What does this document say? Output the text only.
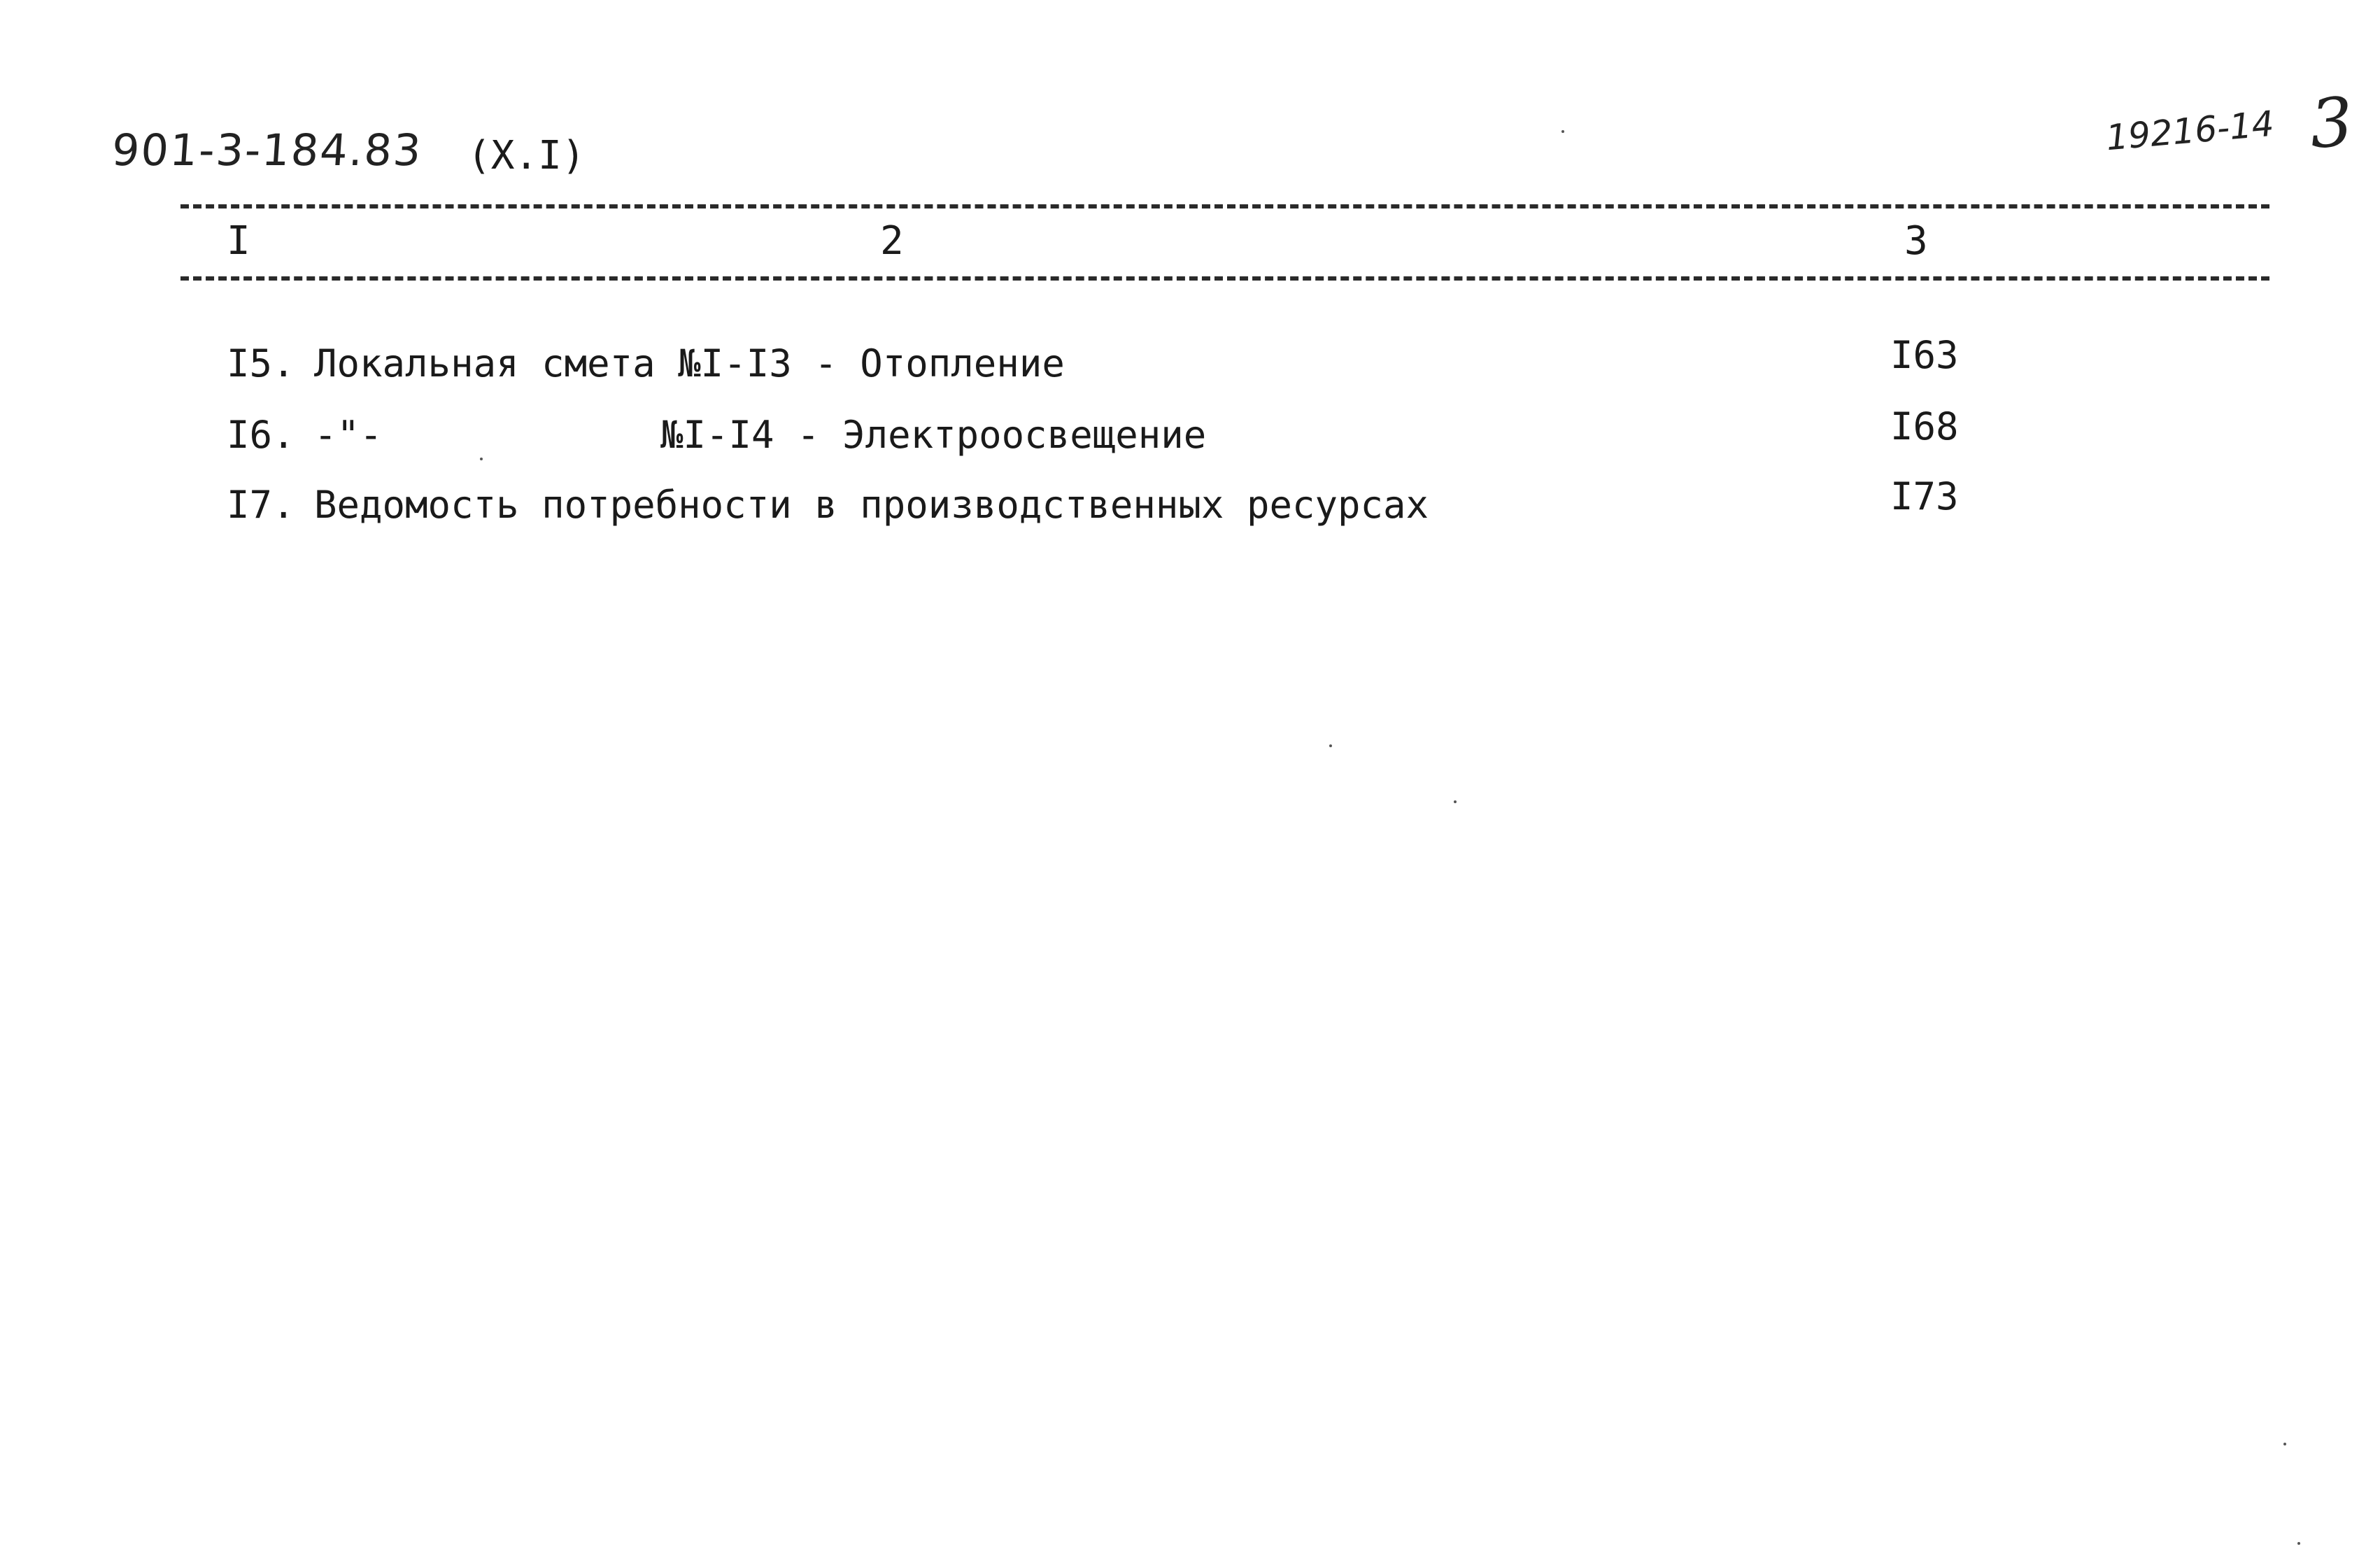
901-3-184.83 (X.I)	19216-14 3
I	2	3
I5. Локальная смета №I-I3 - Отопление	I63
I6. -"-	№I-I4 - Электроосвещение	I68
I7. Ведомость потребности в производственных ресурсах	I73
